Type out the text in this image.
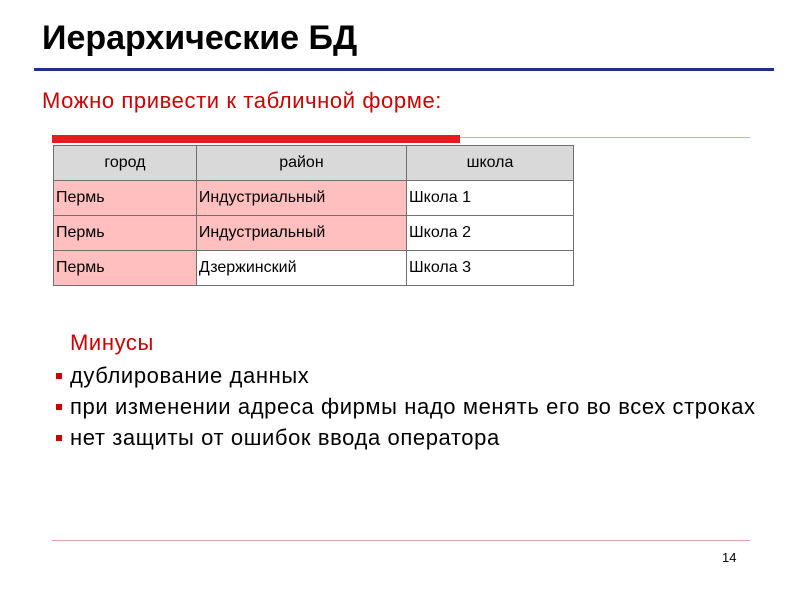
Иерархические БД
Можно привести к табличной форме:
город	район	школа
Пермь	Индустриальный	Школа 1
Пермь	Индустриальный	Школа 2
Пермь	Дзержинский	Школа 3
Минусы
дублирование данных
при изменении адреса фирмы надо менять его во всех строках
нет защиты от ошибок ввода оператора
14
